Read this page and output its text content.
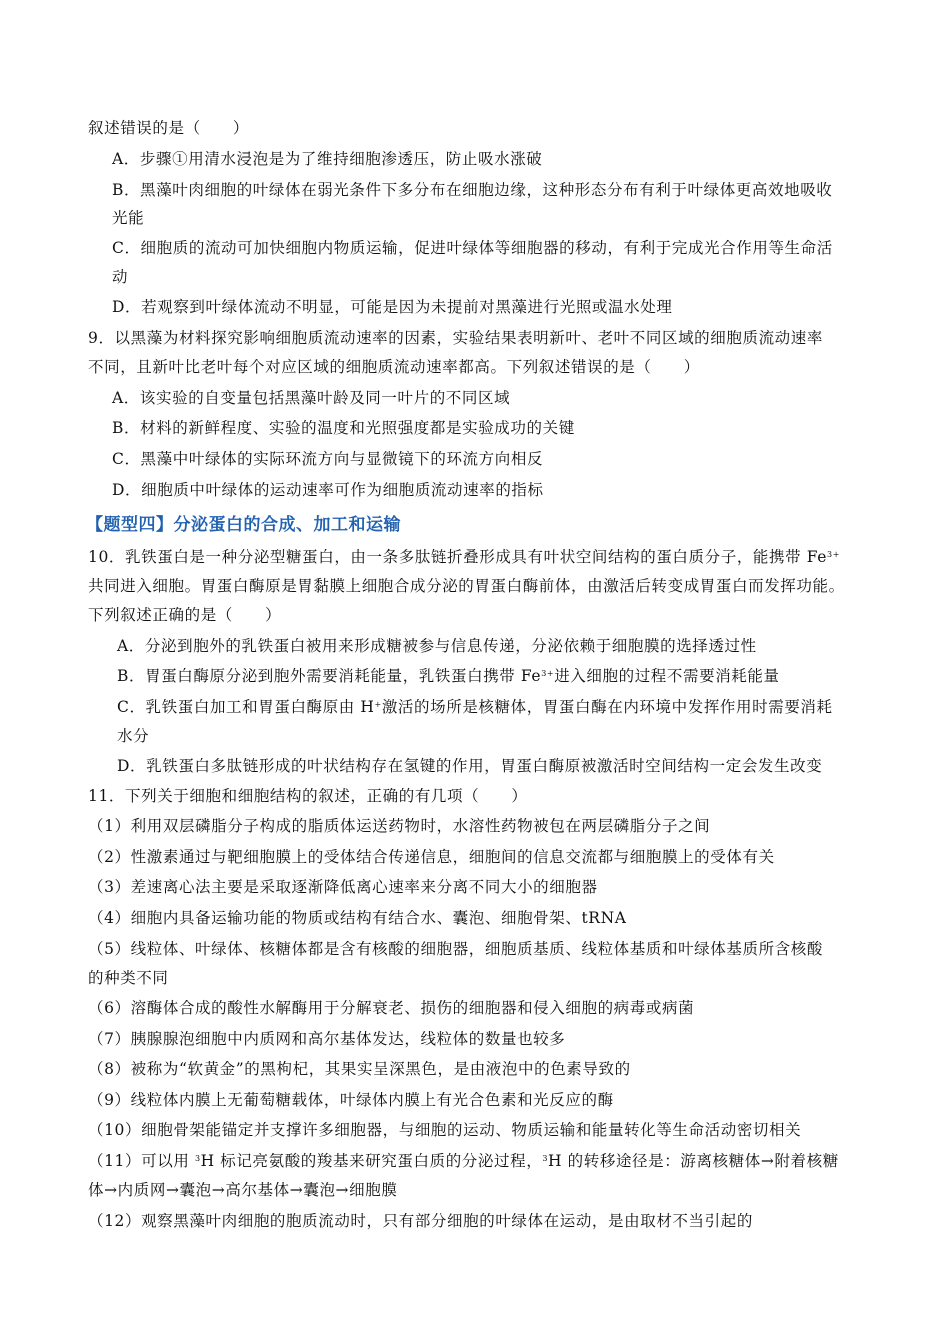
叙述错误的是（　　）
A．步骤①用清水浸泡是为了维持细胞渗透压，防止吸水涨破
B．黑藻叶肉细胞的叶绿体在弱光条件下多分布在细胞边缘，这种形态分布有利于叶绿体更高效地吸收
光能
C．细胞质的流动可加快细胞内物质运输，促进叶绿体等细胞器的移动，有利于完成光合作用等生命活
动
D．若观察到叶绿体流动不明显，可能是因为未提前对黑藻进行光照或温水处理
9．以黑藻为材料探究影响细胞质流动速率的因素，实验结果表明新叶、老叶不同区域的细胞质流动速率
不同，且新叶比老叶每个对应区域的细胞质流动速率都高。下列叙述错误的是（　　）
A．该实验的自变量包括黑藻叶龄及同一叶片的不同区域
B．材料的新鲜程度、实验的温度和光照强度都是实验成功的关键
C．黑藻中叶绿体的实际环流方向与显微镜下的环流方向相反
D．细胞质中叶绿体的运动速率可作为细胞质流动速率的指标
【题型四】分泌蛋白的合成、加工和运输
10．乳铁蛋白是一种分泌型糖蛋白，由一条多肽链折叠形成具有叶状空间结构的蛋白质分子，能携带 $Fe^{3+}$
共同进入细胞。胃蛋白酶原是胃黏膜上细胞合成分泌的胃蛋白酶前体，由激活后转变成胃蛋白而发挥功能。
下列叙述正确的是（　　）
A．分泌到胞外的乳铁蛋白被用来形成糖被参与信息传递，分泌依赖于细胞膜的选择透过性
B．胃蛋白酶原分泌到胞外需要消耗能量，乳铁蛋白携带 $Fe^{3+}$进入细胞的过程不需要消耗能量
C．乳铁蛋白加工和胃蛋白酶原由 H+激活的场所是核糖体，胃蛋白酶在内环境中发挥作用时需要消耗
水分
D．乳铁蛋白多肽链形成的叶状结构存在氢键的作用，胃蛋白酶原被激活时空间结构一定会发生改变
11．下列关于细胞和细胞结构的叙述，正确的有几项（　　）
（1）利用双层磷脂分子构成的脂质体运送药物时，水溶性药物被包在两层磷脂分子之间
（2）性激素通过与靶细胞膜上的受体结合传递信息，细胞间的信息交流都与细胞膜上的受体有关
（3）差速离心法主要是采取逐渐降低离心速率来分离不同大小的细胞器
（4）细胞内具备运输功能的物质或结构有结合水、囊泡、细胞骨架、tRNA
（5）线粒体、叶绿体、核糖体都是含有核酸的细胞器，细胞质基质、线粒体基质和叶绿体基质所含核酸
的种类不同
（6）溶酶体合成的酸性水解酶用于分解衰老、损伤的细胞器和侵入细胞的病毒或病菌
（7）胰腺腺泡细胞中内质网和高尔基体发达，线粒体的数量也较多
（8）被称为“软黄金”的黑枸杞，其果实呈深黑色，是由液泡中的色素导致的
（9）线粒体内膜上无葡萄糖载体，叶绿体内膜上有光合色素和光反应的酶
（10）细胞骨架能锚定并支撑许多细胞器，与细胞的运动、物质运输和能量转化等生命活动密切相关
（11）可以用 $^3$H 标记亮氨酸的羧基来研究蛋白质的分泌过程，$^3$H 的转移途径是：游离核糖体→附着核糖
体→内质网→囊泡→高尔基体→囊泡→细胞膜
（12）观察黑藻叶肉细胞的胞质流动时，只有部分细胞的叶绿体在运动，是由取材不当引起的
